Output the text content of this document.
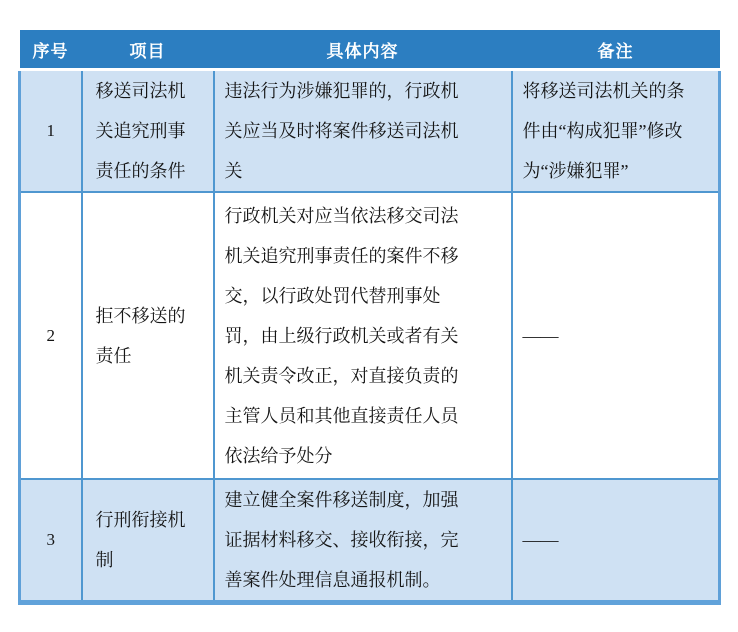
序号	项目	具体内容	备注
1	移送司法机关追究刑事责任的条件	违法行为涉嫌犯罪的，行政机关应当及时将案件移送司法机关	将移送司法机关的条件由“构成犯罪”修改为“涉嫌犯罪”
2	拒不移送的责任	行政机关对应当依法移交司法机关追究刑事责任的案件不移交，以行政处罚代替刑事处罚，由上级行政机关或者有关机关责令改正，对直接负责的主管人员和其他直接责任人员依法给予处分	——
3	行刑衔接机制	建立健全案件移送制度，加强证据材料移交、接收衔接，完善案件处理信息通报机制。	——
